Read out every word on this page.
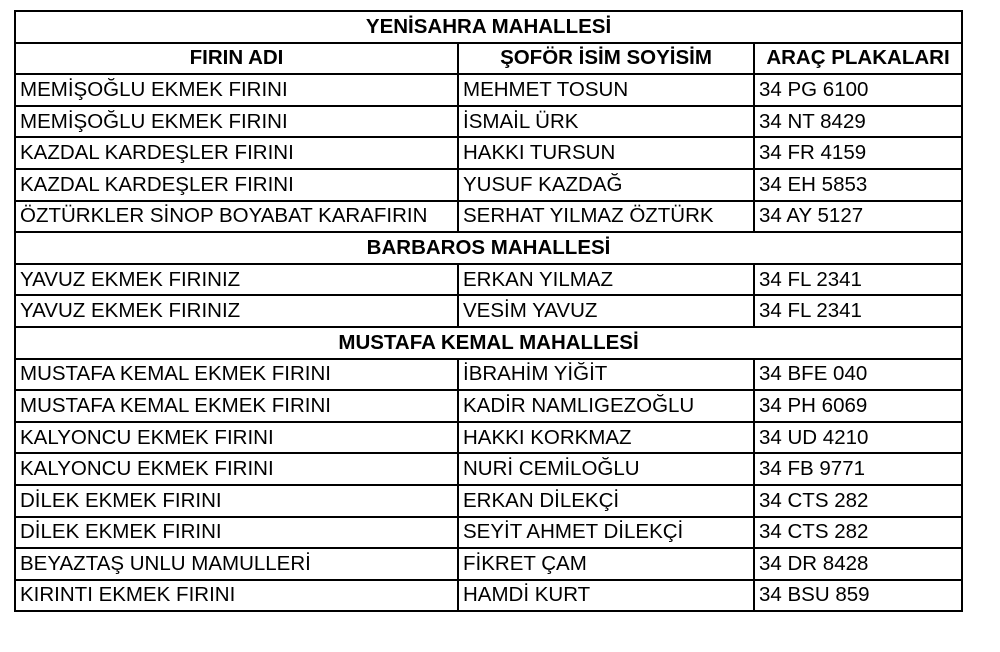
YENİSAHRA MAHALLESİ		
FIRIN ADI	ŞOFÖR İSİM SOYİSİM	ARAÇ PLAKALARI
MEMİŞOĞLU EKMEK FIRINI	MEHMET TOSUN	34 PG 6100
MEMİŞOĞLU EKMEK FIRINI	İSMAİL ÜRK	34 NT 8429
KAZDAL KARDEŞLER FIRINI	HAKKI TURSUN	34 FR 4159
KAZDAL KARDEŞLER FIRINI	YUSUF KAZDAĞ	34 EH 5853
ÖZTÜRKLER SİNOP BOYABAT KARAFIRIN	SERHAT YILMAZ ÖZTÜRK	34 AY 5127
BARBAROS MAHALLESİ		
YAVUZ EKMEK FIRINIZ	ERKAN YILMAZ	34 FL 2341
YAVUZ EKMEK FIRINIZ	VESİM YAVUZ	34 FL 2341
MUSTAFA KEMAL MAHALLESİ		
MUSTAFA KEMAL EKMEK FIRINI	İBRAHİM YİĞİT	34 BFE 040
MUSTAFA KEMAL EKMEK FIRINI	KADİR NAMLIGEZOĞLU	34 PH 6069
KALYONCU EKMEK FIRINI	HAKKI KORKMAZ	34 UD 4210
KALYONCU EKMEK FIRINI	NURİ CEMİLOĞLU	34 FB 9771
DİLEK EKMEK FIRINI	ERKAN DİLEKÇİ	34 CTS 282
DİLEK EKMEK FIRINI	SEYİT AHMET DİLEKÇİ	34 CTS 282
BEYAZTAŞ UNLU MAMULLERİ	FİKRET ÇAM	34 DR 8428
KIRINTI EKMEK FIRINI	HAMDİ KURT	34 BSU 859
